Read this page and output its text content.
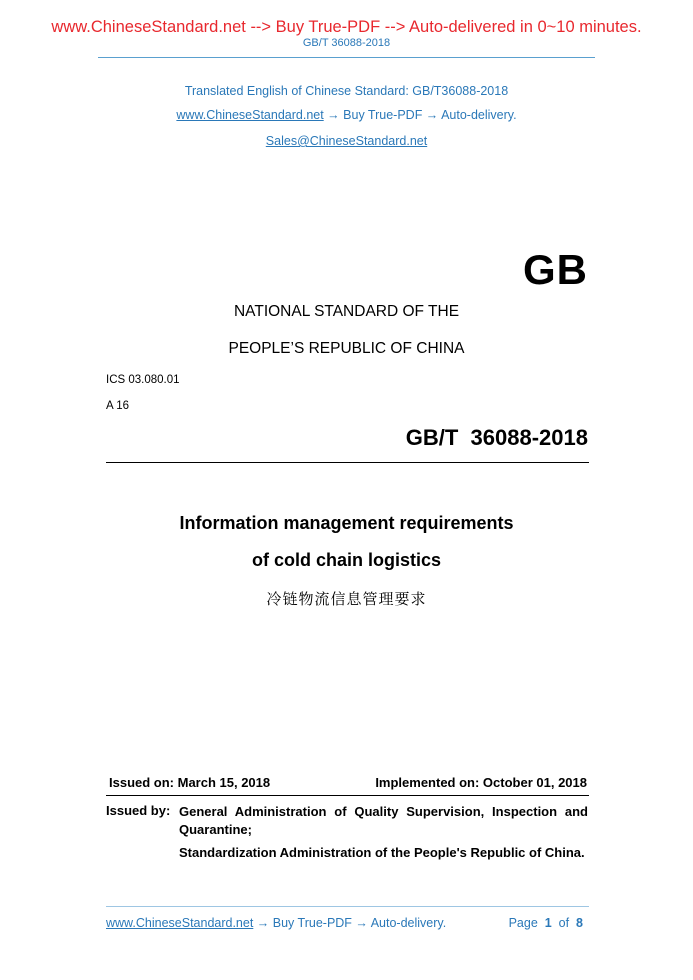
www.ChineseStandard.net --> Buy True-PDF --> Auto-delivered in 0~10 minutes.
GB/T 36088-2018
Translated English of Chinese Standard: GB/T36088-2018
www.ChineseStandard.net → Buy True-PDF → Auto-delivery.
Sales@ChineseStandard.net
GB
NATIONAL STANDARD OF THE
PEOPLE’S REPUBLIC OF CHINA
ICS 03.080.01
A 16
GB/T  36088-2018
Information management requirements
of cold chain logistics
冷链物流信息管理要求
Issued on: March 15, 2018	Implemented on: October 01, 2018
Issued by: General Administration of Quality Supervision, Inspection and Quarantine;
Standardization Administration of the People's Republic of China.
www.ChineseStandard.net → Buy True-PDF → Auto-delivery.	Page 1 of 8
